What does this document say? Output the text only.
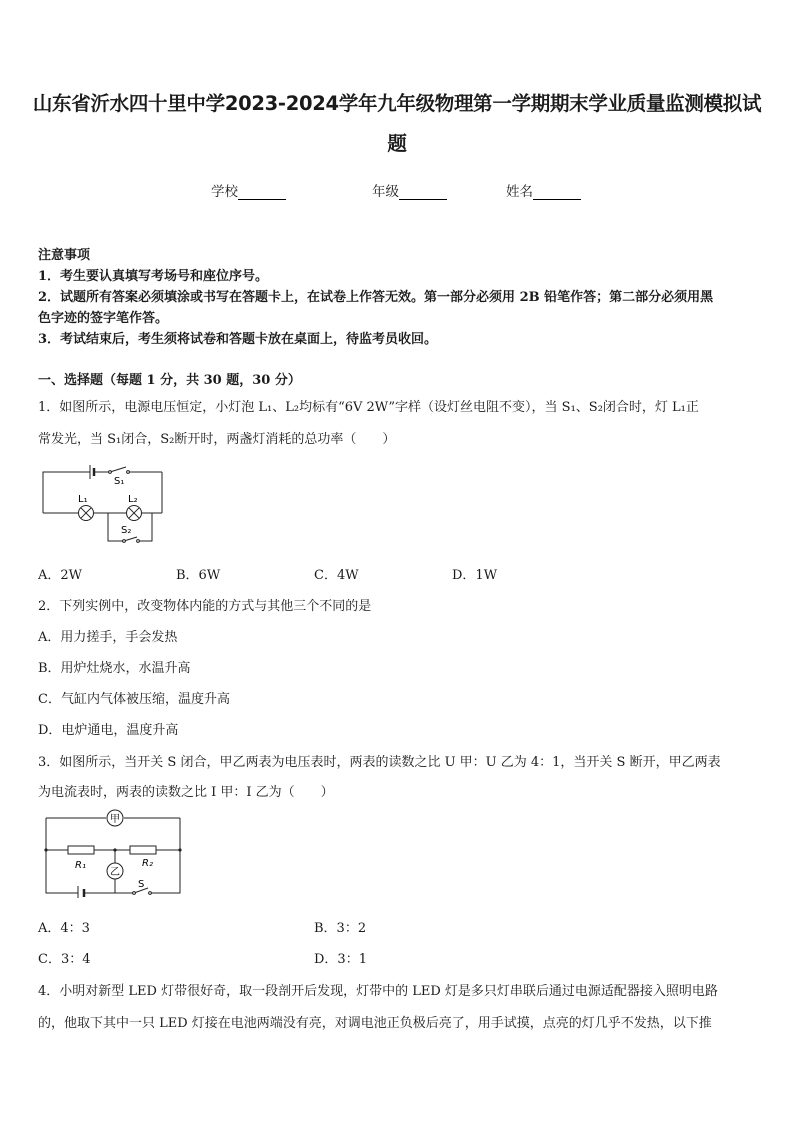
山东省沂水四十里中学2023-2024学年九年级物理第一学期期末学业质量监测模拟试
题
学校	年级	姓名
注意事项
1．考生要认真填写考场号和座位序号。
2．试题所有答案必须填涂或书写在答题卡上，在试卷上作答无效。第一部分必须用 2B 铅笔作答；第二部分必须用黑
色字迹的签字笔作答。
3．考试结束后，考生须将试卷和答题卡放在桌面上，待监考员收回。
一、选择题（每题 1 分，共 30 题，30 分）
1．如图所示，电源电压恒定，小灯泡 L₁、L₂均标有“6V 2W”字样（设灯丝电阻不变），当 S₁、S₂闭合时，灯 L₁正
常发光，当 S₁闭合，S₂断开时，两盏灯消耗的总功率（　　）
S₁
L₁	L₂
S₂
A．2W	B．6W	C．4W	D．1W
2．下列实例中，改变物体内能的方式与其他三个不同的是
A．用力搓手，手会发热
B．用炉灶烧水，水温升高
C．气缸内气体被压缩，温度升高
D．电炉通电，温度升高
3．如图所示，当开关 S 闭合，甲乙两表为电压表时，两表的读数之比 U 甲：U 乙为 4：1，当开关 S 断开，甲乙两表
为电流表时，两表的读数之比 I 甲：I 乙为（　　）
甲
乙
R₁	R₂
S
A．4：3	B．3：2
C．3：4	D．3：1
4．小明对新型 LED 灯带很好奇，取一段剖开后发现，灯带中的 LED 灯是多只灯串联后通过电源适配器接入照明电路
的，他取下其中一只 LED 灯接在电池两端没有亮，对调电池正负极后亮了，用手试摸，点亮的灯几乎不发热，以下推
